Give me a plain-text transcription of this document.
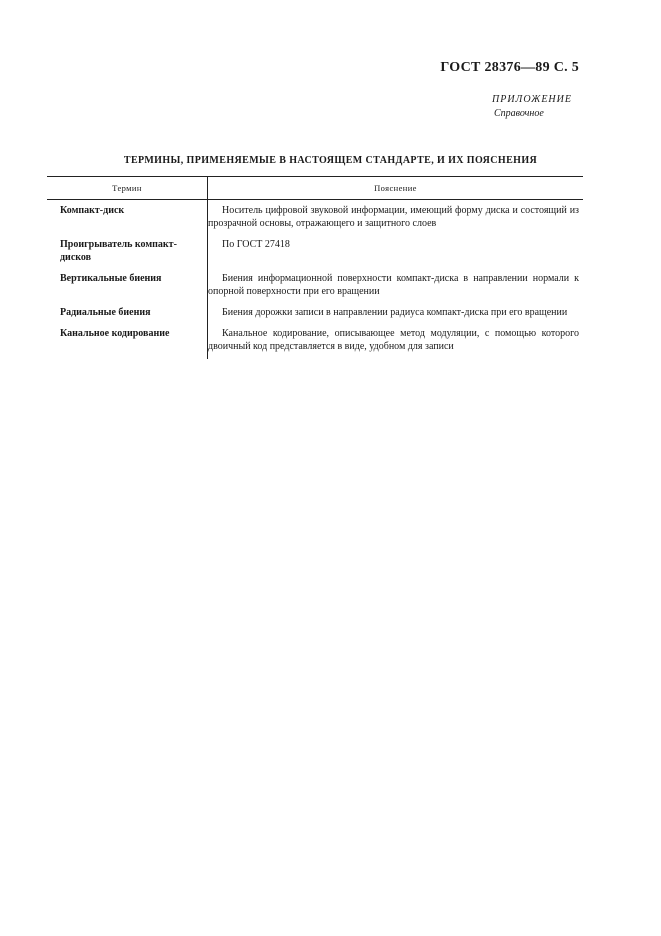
ГОСТ 28376—89 С. 5
ПРИЛОЖЕНИЕ
Справочное
ТЕРМИНЫ, ПРИМЕНЯЕМЫЕ В НАСТОЯЩЕМ СТАНДАРТЕ, И ИХ ПОЯСНЕНИЯ
Термин	Пояснение
Компакт-диск	Носитель цифровой звуковой информации, имеющий форму диска и состоящий из прозрачной основы, отражающего и защитного слоев
Проигрыватель компакт-дисков	По ГОСТ 27418
Вертикальные биения	Биения информационной поверхности компакт-диска в направлении нормали к опорной поверхности при его вращении
Радиальные биения	Биения дорожки записи в направлении радиуса компакт-диска при его вращении
Канальное кодирование	Канальное кодирование, описывающее метод модуляции, с помощью которого двоичный код представляется в виде, удобном для записи
